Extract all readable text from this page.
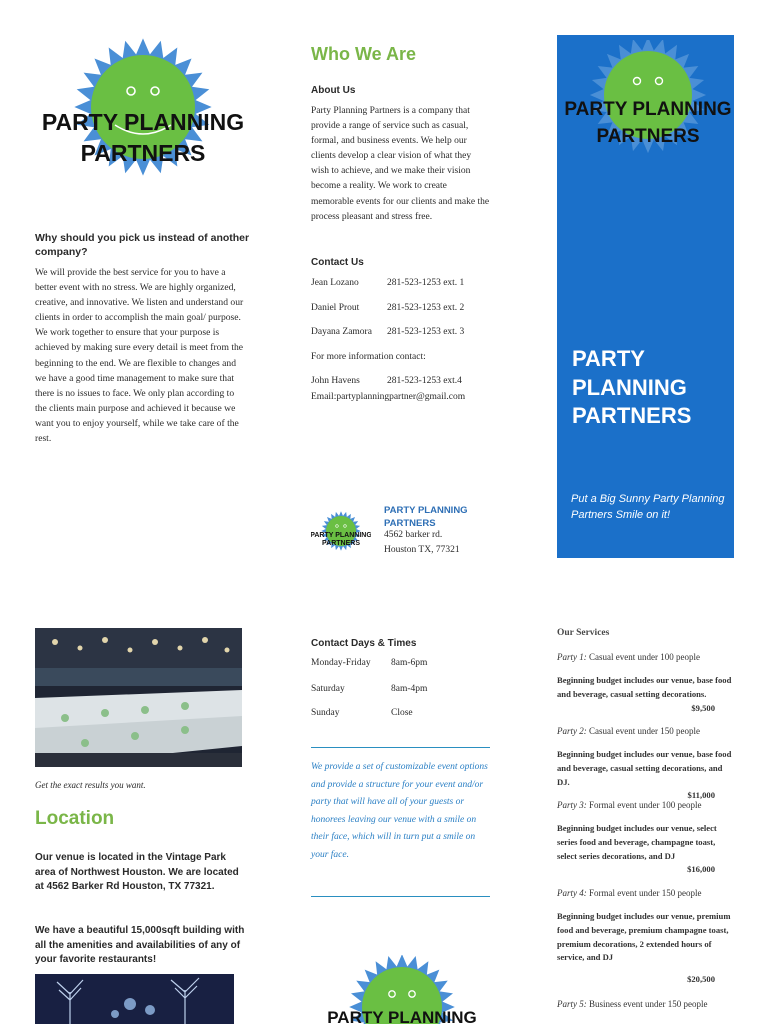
PARTY PLANNING
PARTNERS
Why should you pick us instead of another company?
We will provide the best service for you to have a better event with no stress. We are highly organized, creative, and innovative. We listen and understand our clients in order to accomplish the main goal/ purpose. We work together to ensure that your purpose is achieved by making sure every detail is meet from the beginning to the end. We are flexible to changes and we have a good time management to make sure that there is no issues to face. We only plan according to the clients main purpose and achieved it because we want you to enjoy yourself, while we take care of the rest.
Who We Are
About Us
Party Planning Partners is a company that provide a range of service such as casual, formal, and business events. We help our clients develop a clear vision of what they wish to achieve, and we make their vision become a reality. We work to create memorable events for our clients and make the process pleasant and stress free.
Contact Us
Jean Lozano	281-523-1253 ext. 1
Daniel Prout	281-523-1253 ext. 2
Dayana Zamora 281-523-1253 ext. 3
For more information contact:
John Havens	281-523-1253 ext.4
Email:partyplanningpartner@gmail.com
PARTY PLANNING
PARTNERS
PARTY PLANNING PARTNERS
4562 barker rd.
Houston TX, 77321
PARTY PLANNING
PARTNERS
PARTY
PLANNING
PARTNERS
Put a Big Sunny Party Planning Partners Smile on it!
Get the exact results you want.
Location
Our venue is located in the Vintage Park area of Northwest Houston. We are located at 4562 Barker Rd Houston, TX 77321.
We have a beautiful 15,000sqft building with all the amenities and availabilities of any of your favorite restaurants!
Contact Days & Times
Monday-Friday 8am-6pm
Saturday	8am-4pm
Sunday	Close
We provide a set of customizable event options and provide a structure for your event and/or party that will have all of your guests or honorees leaving our venue with a smile on their face, which will in turn put a smile on your face.
PARTY PLANNING
Our Services
Party 1: Casual event under 100 people
Beginning budget includes our venue, base food and beverage, casual setting decorations.
$9,500
Party 2: Casual event under 150 people
Beginning budget includes our venue, base food and beverage, casual setting decorations, and DJ.
$11,000
Party 3: Formal event under 100 people
Beginning budget includes our venue, select series food and beverage, champagne toast, select series decorations, and DJ
$16,000
Party 4: Formal event under 150 people
Beginning budget includes our venue, premium food and beverage, premium champagne toast, premium decorations, 2 extended hours of service, and DJ
$20,500
Party 5: Business event under 150 people
